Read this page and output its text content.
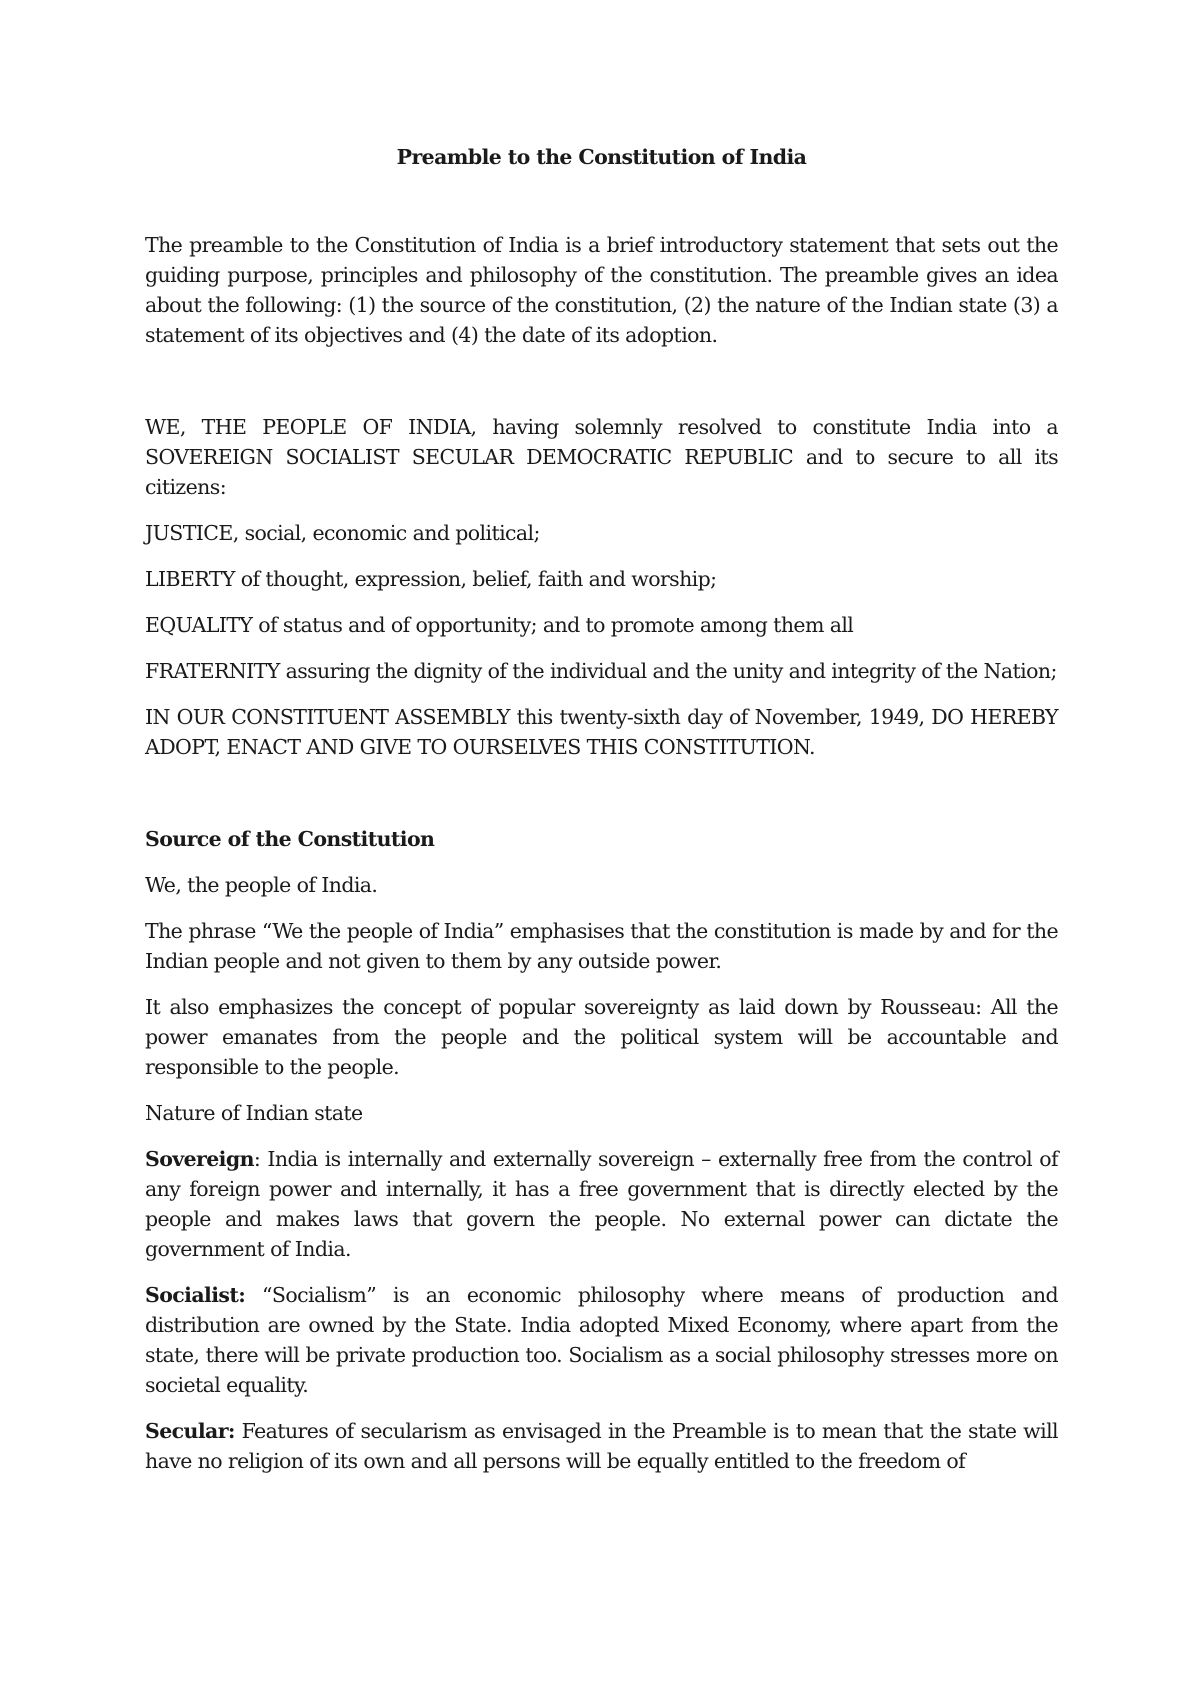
Preamble to the Constitution of India

The preamble to the Constitution of India is a brief introductory statement that sets out the guiding purpose, principles and philosophy of the constitution. The preamble gives an idea about the following: (1) the source of the constitution, (2) the nature of the Indian state (3) a statement of its objectives and (4) the date of its adoption.

WE, THE PEOPLE OF INDIA, having solemnly resolved to constitute India into a SOVEREIGN SOCIALIST SECULAR DEMOCRATIC REPUBLIC and to secure to all its citizens:

JUSTICE, social, economic and political;

LIBERTY of thought, expression, belief, faith and worship;

EQUALITY of status and of opportunity; and to promote among them all

FRATERNITY assuring the dignity of the individual and the unity and integrity of the Nation;

IN OUR CONSTITUENT ASSEMBLY this twenty-sixth day of November, 1949, DO HEREBY ADOPT, ENACT AND GIVE TO OURSELVES THIS CONSTITUTION.

Source of the Constitution

We, the people of India.

The phrase “We the people of India” emphasises that the constitution is made by and for the Indian people and not given to them by any outside power.

It also emphasizes the concept of popular sovereignty as laid down by Rousseau: All the power emanates from the people and the political system will be accountable and responsible to the people.

Nature of Indian state

Sovereign: India is internally and externally sovereign – externally free from the control of any foreign power and internally, it has a free government that is directly elected by the people and makes laws that govern the people. No external power can dictate the government of India.

Socialist: “Socialism” is an economic philosophy where means of production and distribution are owned by the State. India adopted Mixed Economy, where apart from the state, there will be private production too. Socialism as a social philosophy stresses more on societal equality.

Secular: Features of secularism as envisaged in the Preamble is to mean that the state will have no religion of its own and all persons will be equally entitled to the freedom of
